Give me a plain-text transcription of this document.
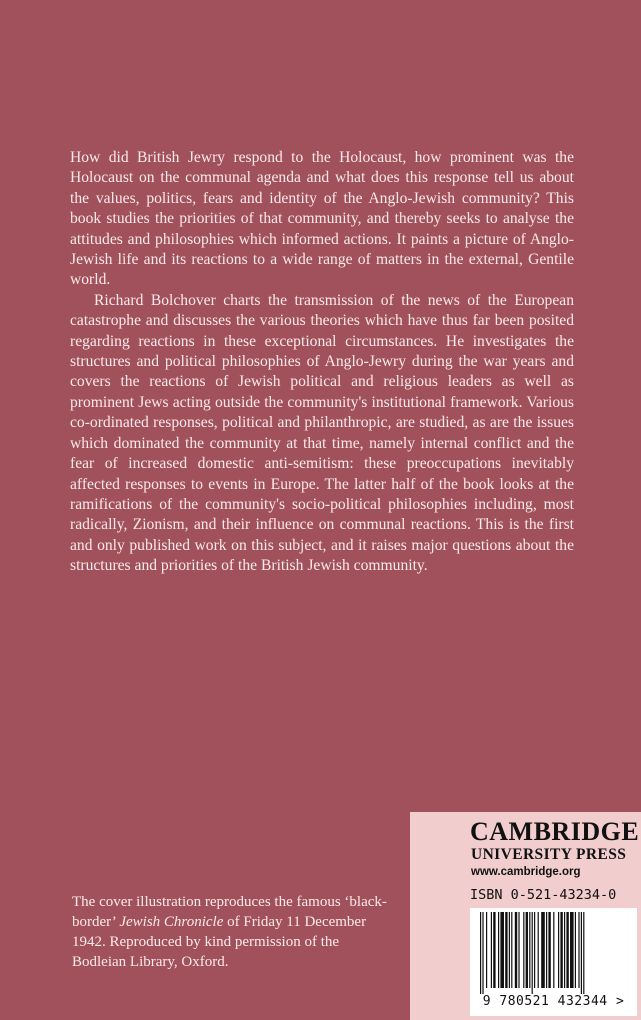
How did British Jewry respond to the Holocaust, how prominent was the Holocaust on the communal agenda and what does this response tell us about the values, politics, fears and identity of the Anglo-Jewish community? This book studies the priorities of that community, and thereby seeks to analyse the attitudes and philosophies which informed actions. It paints a picture of Anglo-Jewish life and its reactions to a wide range of matters in the external, Gentile world.

Richard Bolchover charts the transmission of the news of the European catastrophe and discusses the various theories which have thus far been posited regarding reactions in these exceptional circumstances. He investigates the structures and political philosophies of Anglo-Jewry during the war years and covers the reactions of Jewish political and religious leaders as well as prominent Jews acting outside the community's institutional framework. Various co-ordinated responses, political and philanthropic, are studied, as are the issues which dominated the community at that time, namely internal conflict and the fear of increased domestic anti-semitism: these preoccupations inevitably affected responses to events in Europe. The latter half of the book looks at the ramifications of the community's socio-political philosophies including, most radically, Zionism, and their influence on communal reactions. This is the first and only published work on this subject, and it raises major questions about the structures and priorities of the British Jewish community.

The cover illustration reproduces the famous ‘black-border’ Jewish Chronicle of Friday 11 December 1942. Reproduced by kind permission of the Bodleian Library, Oxford.
CAMBRIDGE
UNIVERSITY PRESS
www.cambridge.org
ISBN 0-521-43234-0
9 780521 432344 >
